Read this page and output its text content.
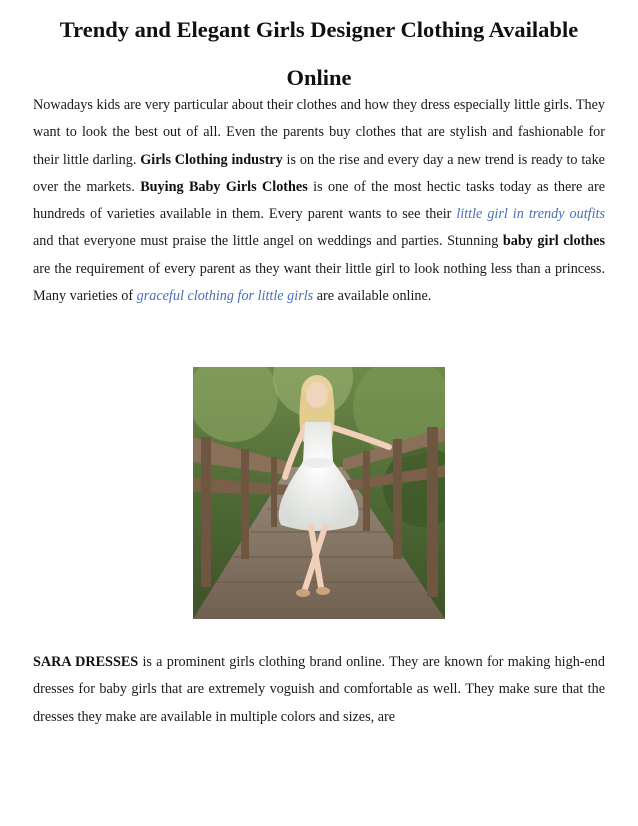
Trendy and Elegant Girls Designer Clothing Available Online

Nowadays kids are very particular about their clothes and how they dress especially little girls. They want to look the best out of all. Even the parents buy clothes that are stylish and fashionable for their little darling. Girls Clothing industry is on the rise and every day a new trend is ready to take over the markets. Buying Baby Girls Clothes is one of the most hectic tasks today as there are hundreds of varieties available in them. Every parent wants to see their little girl in trendy outfits and that everyone must praise the little angel on weddings and parties. Stunning baby girl clothes are the requirement of every parent as they want their little girl to look nothing less than a princess. Many varieties of graceful clothing for little girls are available online.

SARA DRESSES is a prominent girls clothing brand online. They are known for making high-end dresses for baby girls that are extremely voguish and comfortable as well. They make sure that the dresses they make are available in multiple colors and sizes, are
